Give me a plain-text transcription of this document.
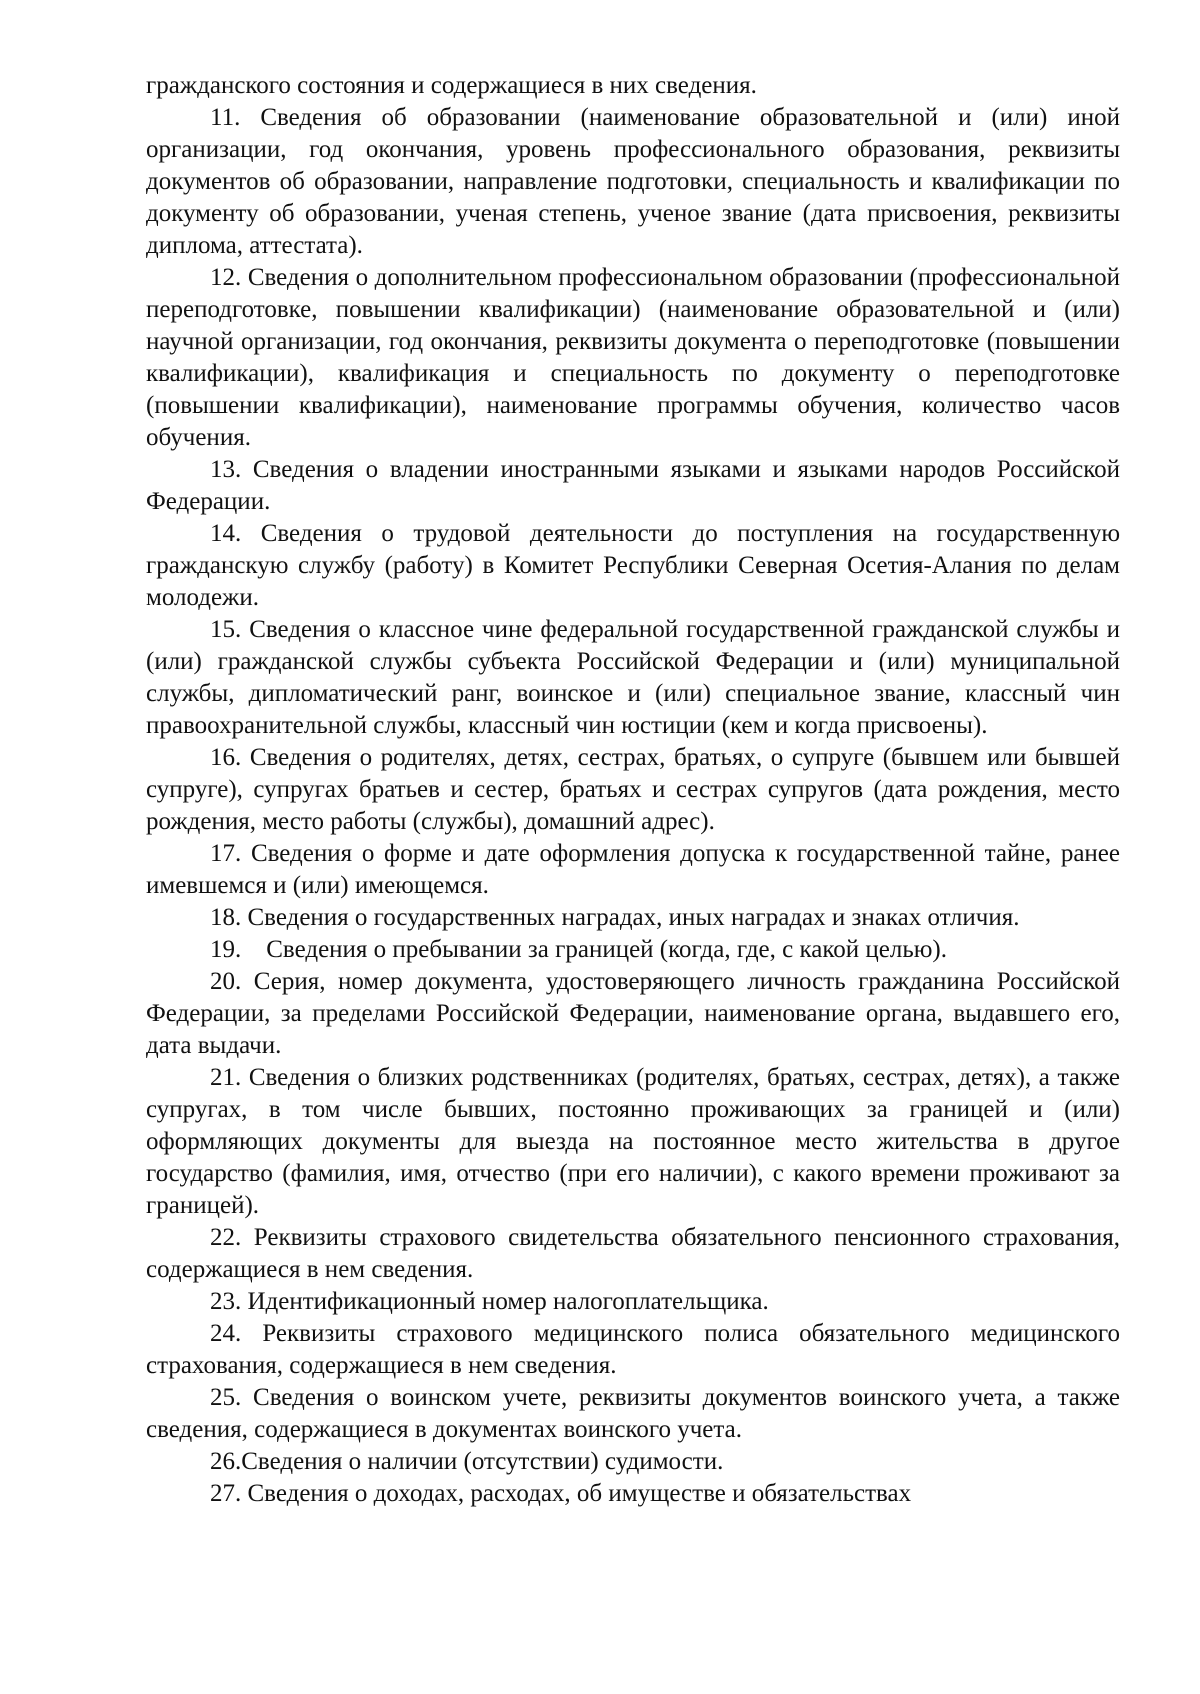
гражданского состояния и содержащиеся в них сведения.

11. Сведения об образовании (наименование образовательной и (или) иной организации, год окончания, уровень профессионального образования, реквизиты документов об образовании, направление подготовки, специальность и квалификации по документу об образовании, ученая степень, ученое звание (дата присвоения, реквизиты диплома, аттестата).

12. Сведения о дополнительном профессиональном образовании (профессиональной переподготовке, повышении квалификации) (наименование образовательной и (или) научной организации, год окончания, реквизиты документа о переподготовке (повышении квалификации), квалификация и специальность по документу о переподготовке (повышении квалификации), наименование программы обучения, количество часов обучения.

13. Сведения о владении иностранными языками и языками народов Российской Федерации.

14. Сведения о трудовой деятельности до поступления на государственную гражданскую службу (работу) в Комитет Республики Северная Осетия-Алания по делам молодежи.

15. Сведения о классное чине федеральной государственной гражданской службы и (или) гражданской службы субъекта Российской Федерации и (или) муниципальной службы, дипломатический ранг, воинское и (или) специальное звание, классный чин правоохранительной службы, классный чин юстиции (кем и когда присвоены).

16. Сведения о родителях, детях, сестрах, братьях, о супруге (бывшем или бывшей супруге), супругах братьев и сестер, братьях и сестрах супругов (дата рождения, место рождения, место работы (службы), домашний адрес).

17. Сведения о форме и дате оформления допуска к государственной тайне, ранее имевшемся и (или) имеющемся.

18. Сведения о государственных наградах, иных наградах и знаках отличия.

19.    Сведения о пребывании за границей (когда, где, с какой целью).

20. Серия, номер документа, удостоверяющего личность гражданина Российской Федерации, за пределами Российской Федерации, наименование органа, выдавшего его, дата выдачи.

21. Сведения о близких родственниках (родителях, братьях, сестрах, детях), а также супругах, в том числе бывших, постоянно проживающих за границей и (или) оформляющих документы для выезда на постоянное место жительства в другое государство (фамилия, имя, отчество (при его наличии), с какого времени проживают за границей).

22. Реквизиты страхового свидетельства обязательного пенсионного страхования, содержащиеся в нем сведения.

23. Идентификационный номер налогоплательщика.

24. Реквизиты страхового медицинского полиса обязательного медицинского страхования, содержащиеся в нем сведения.

25. Сведения о воинском учете, реквизиты документов воинского учета, а также сведения, содержащиеся в документах воинского учета.

26.Сведения о наличии (отсутствии) судимости.

27. Сведения о доходах, расходах, об имуществе и обязательствах
